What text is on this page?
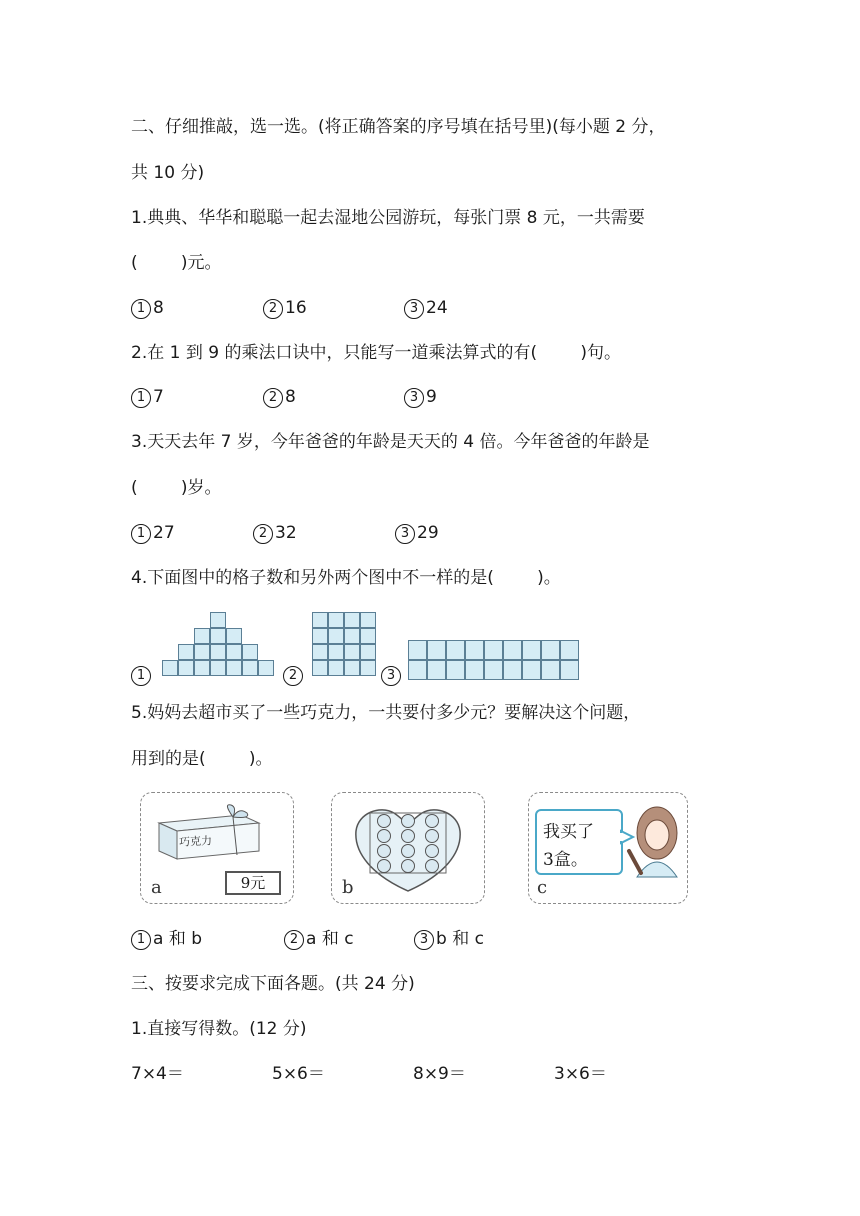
二、仔细推敲，选一选。(将正确答案的序号填在括号里)(每小题 2 分，
共 10 分)
1.典典、华华和聪聪一起去湿地公园游玩，每张门票 8 元，一共需要
(        )元。
1 8	2 16	3 24
2.在 1 到 9 的乘法口诀中，只能写一道乘法算式的有(        )句。
1 7	2 8	3 9
3.天天去年 7 岁，今年爸爸的年龄是天天的 4 倍。今年爸爸的年龄是
(        )岁。
1 27	2 32	3 29
4.下面图中的格子数和另外两个图中不一样的是(        )。
1	2	3
5.妈妈去超市买了一些巧克力，一共要付多少元？要解决这个问题，
用到的是(        )。
巧克力
9元
a	b
我买了
3盒。
c
1 a 和 b	2 a 和 c	3 b 和 c
三、按要求完成下面各题。(共 24 分)
1.直接写得数。(12 分)
7×4＝	5×6＝	8×9＝	3×6＝
